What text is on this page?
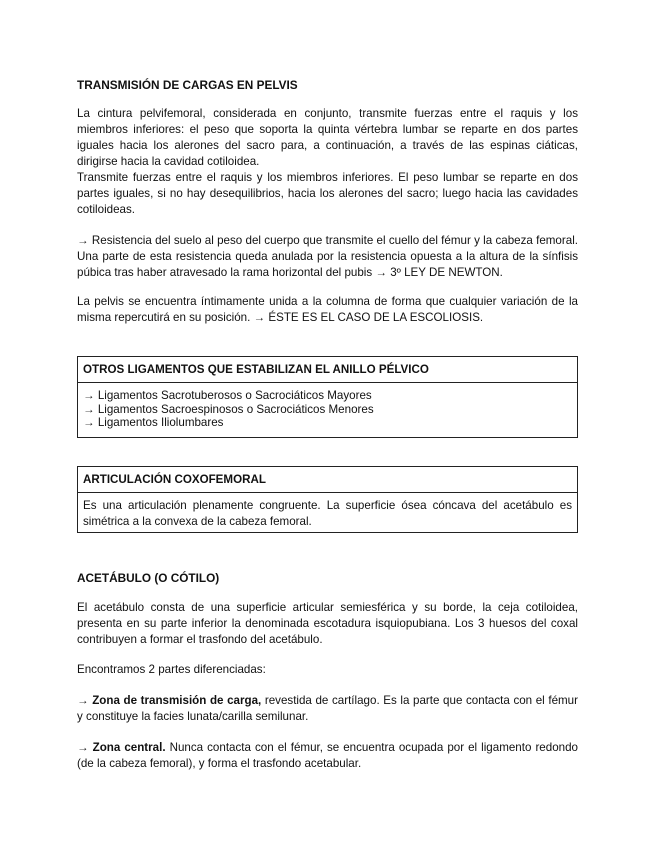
TRANSMISIÓN DE CARGAS EN PELVIS

La cintura pelvifemoral, considerada en conjunto, transmite fuerzas entre el raquis y los miembros inferiores: el peso que soporta la quinta vértebra lumbar se reparte en dos partes iguales hacia los alerones del sacro para, a continuación, a través de las espinas ciáticas, dirigirse hacia la cavidad cotiloidea.

Transmite fuerzas entre el raquis y los miembros inferiores. El peso lumbar se reparte en dos partes iguales, si no hay desequilibrios, hacia los alerones del sacro; luego hacia las cavidades cotiloideas.

→ Resistencia del suelo al peso del cuerpo que transmite el cuello del fémur y la cabeza femoral. Una parte de esta resistencia queda anulada por la resistencia opuesta a la altura de la sínfisis púbica tras haber atravesado la rama horizontal del pubis → 3º LEY DE NEWTON.

La pelvis se encuentra íntimamente unida a la columna de forma que cualquier variación de la misma repercutirá en su posición. → ÉSTE ES EL CASO DE LA ESCOLIOSIS.

OTROS LIGAMENTOS QUE ESTABILIZAN EL ANILLO PÉLVICO
→ Ligamentos Sacrotuberosos o Sacrociáticos Mayores
→ Ligamentos Sacroespinosos o Sacrociáticos Menores
→ Ligamentos Iliolumbares
ARTICULACIÓN COXOFEMORAL
Es una articulación plenamente congruente. La superficie ósea cóncava del acetábulo es simétrica a la convexa de la cabeza femoral.
ACETÁBULO (O CÓTILO)

El acetábulo consta de una superficie articular semiesférica y su borde, la ceja cotiloidea, presenta en su parte inferior la denominada escotadura isquiopubiana. Los 3 huesos del coxal contribuyen a formar el trasfondo del acetábulo.

Encontramos 2 partes diferenciadas:

→ Zona de transmisión de carga, revestida de cartílago. Es la parte que contacta con el fémur y constituye la facies lunata/carilla semilunar.

→ Zona central. Nunca contacta con el fémur, se encuentra ocupada por el ligamento redondo (de la cabeza femoral), y forma el trasfondo acetabular.
